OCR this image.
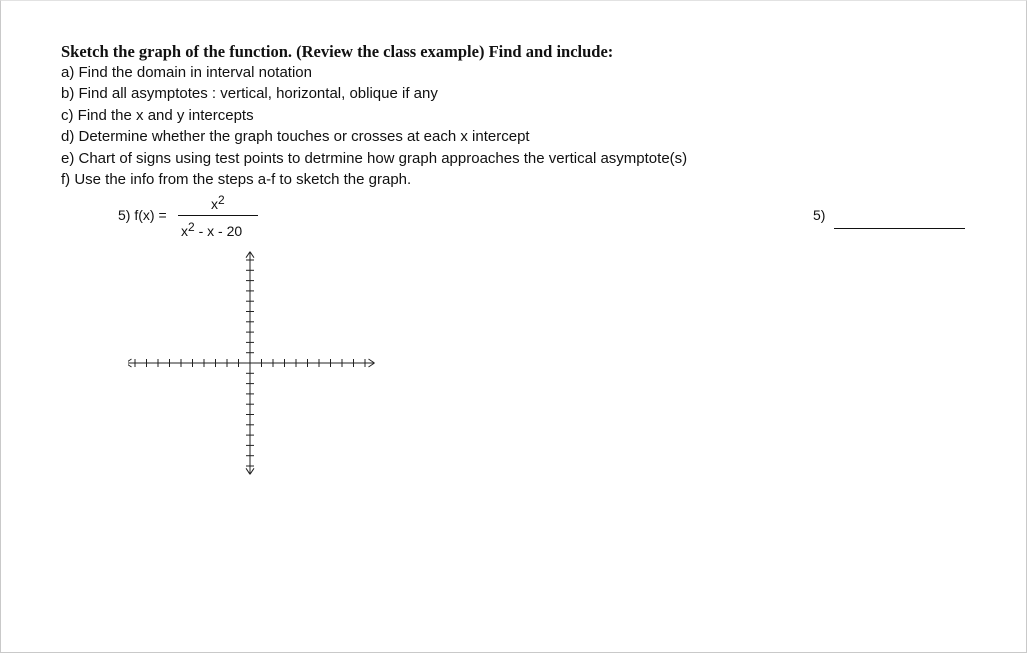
Sketch the graph of the function. (Review the class example) Find and include:
a) Find the domain in interval notation
b) Find all asymptotes : vertical, horizontal, oblique if any
c) Find the x and y intercepts
d) Determine whether the graph touches or crosses at each x intercept
e) Chart of signs using test points to detrmine how graph approaches the vertical asymptote(s)
f) Use the info from the steps a-f to sketch the graph.
5) f(x) =
$x^2$
$x^2$ - x - 20
5)
